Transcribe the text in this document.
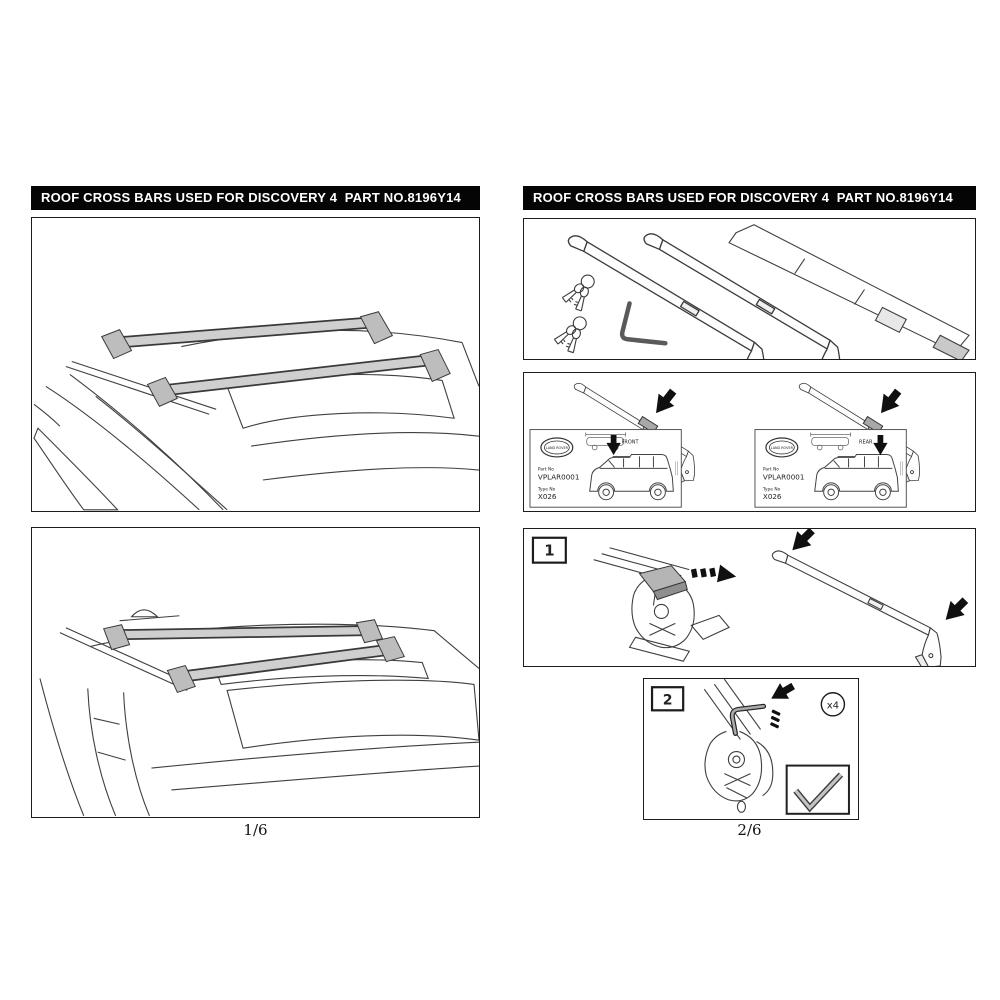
ROOF CROSS BARS USED FOR DISCOVERY 4  PART NO.8196Y14
1/6
ROOF CROSS BARS USED FOR DISCOVERY 4  PART NO.8196Y14
LAND ROVER
Part No
VPLAR0001
Type No
X026
FRONT
LAND ROVER
Part No
VPLAR0001
Type No
X026
REAR
1
2	x4
2/6
